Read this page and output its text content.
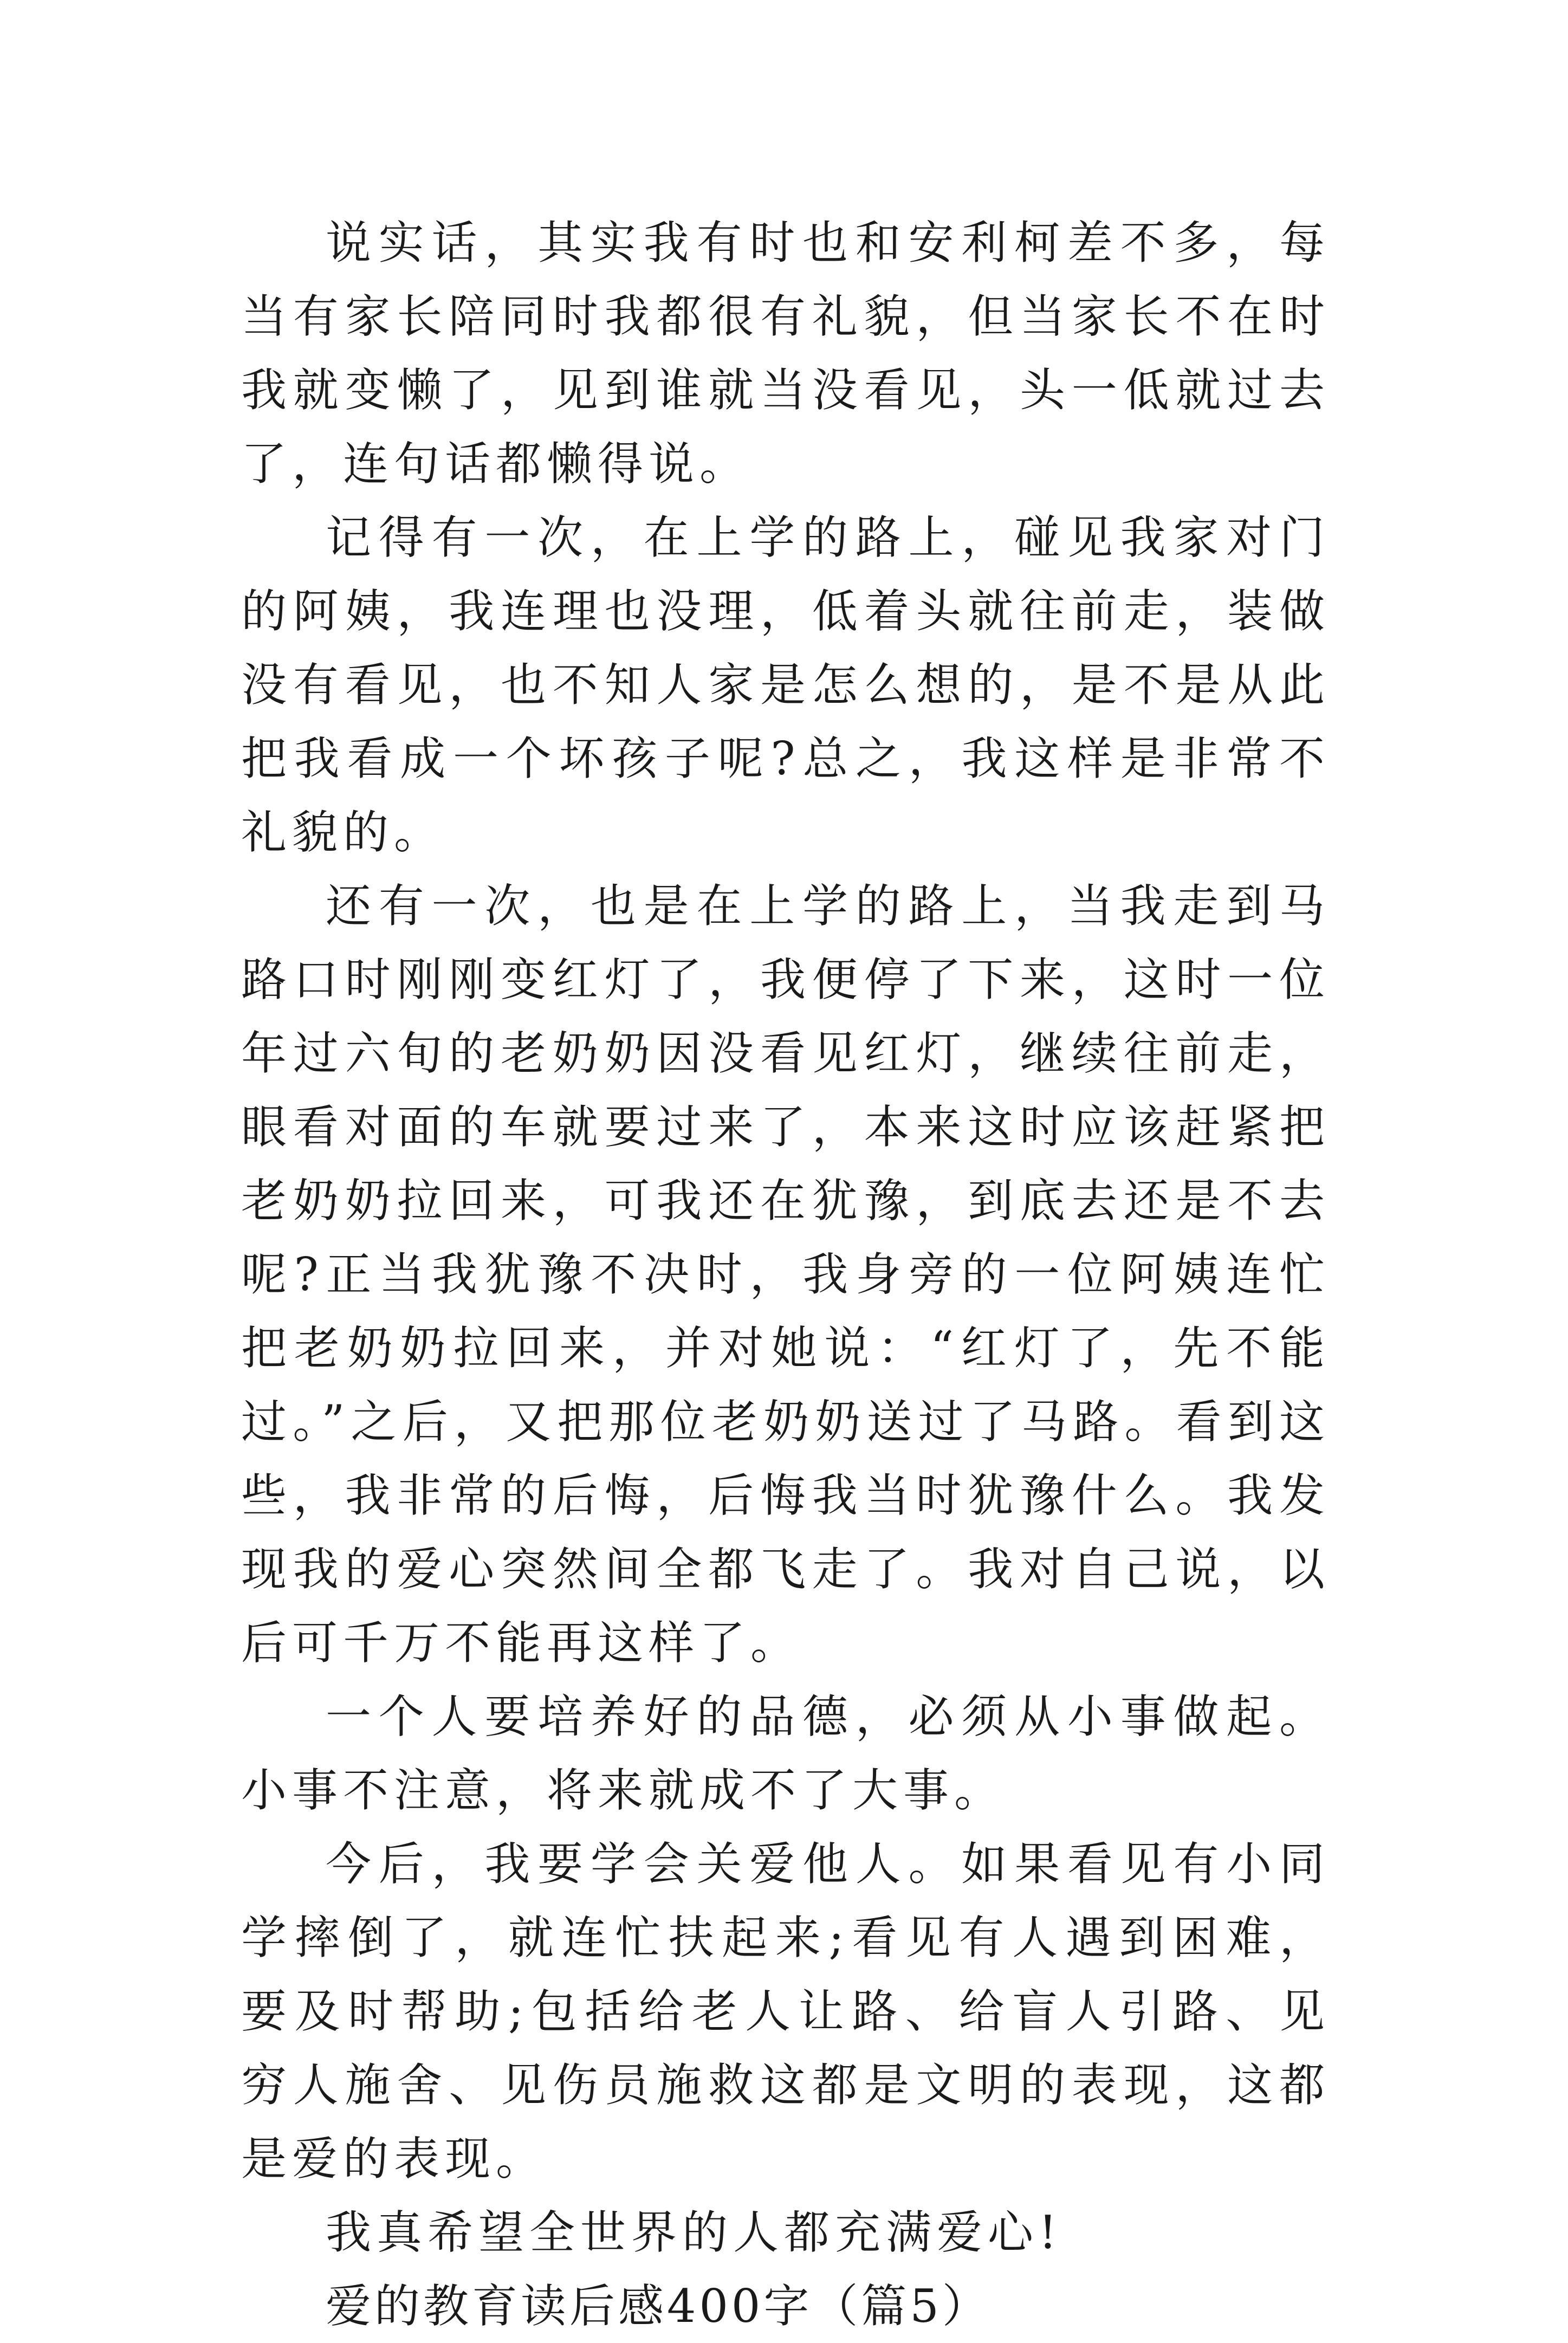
说实话，其实我有时也和安利柯差不多，每当有家长陪同时我都很有礼貌，但当家长不在时我就变懒了，见到谁就当没看见，头一低就过去了，连句话都懒得说。

记得有一次，在上学的路上，碰见我家对门的阿姨，我连理也没理，低着头就往前走，装做没有看见，也不知人家是怎么想的，是不是从此把我看成一个坏孩子呢?总之，我这样是非常不礼貌的。

还有一次，也是在上学的路上，当我走到马路口时刚刚变红灯了，我便停了下来，这时一位年过六旬的老奶奶因没看见红灯，继续往前走，眼看对面的车就要过来了，本来这时应该赶紧把老奶奶拉回来，可我还在犹豫，到底去还是不去呢?正当我犹豫不决时，我身旁的一位阿姨连忙把老奶奶拉回来，并对她说：“红灯了，先不能过。”之后，又把那位老奶奶送过了马路。看到这些，我非常的后悔，后悔我当时犹豫什么。我发现我的爱心突然间全都飞走了。我对自己说，以后可千万不能再这样了。

一个人要培养好的品德，必须从小事做起。小事不注意，将来就成不了大事。

今后，我要学会关爱他人。如果看见有小同学摔倒了，就连忙扶起来;看见有人遇到困难，要及时帮助;包括给老人让路、给盲人引路、见穷人施舍、见伤员施救这都是文明的表现，这都是爱的表现。

我真希望全世界的人都充满爱心!

爱的教育读后感400字（篇5）
